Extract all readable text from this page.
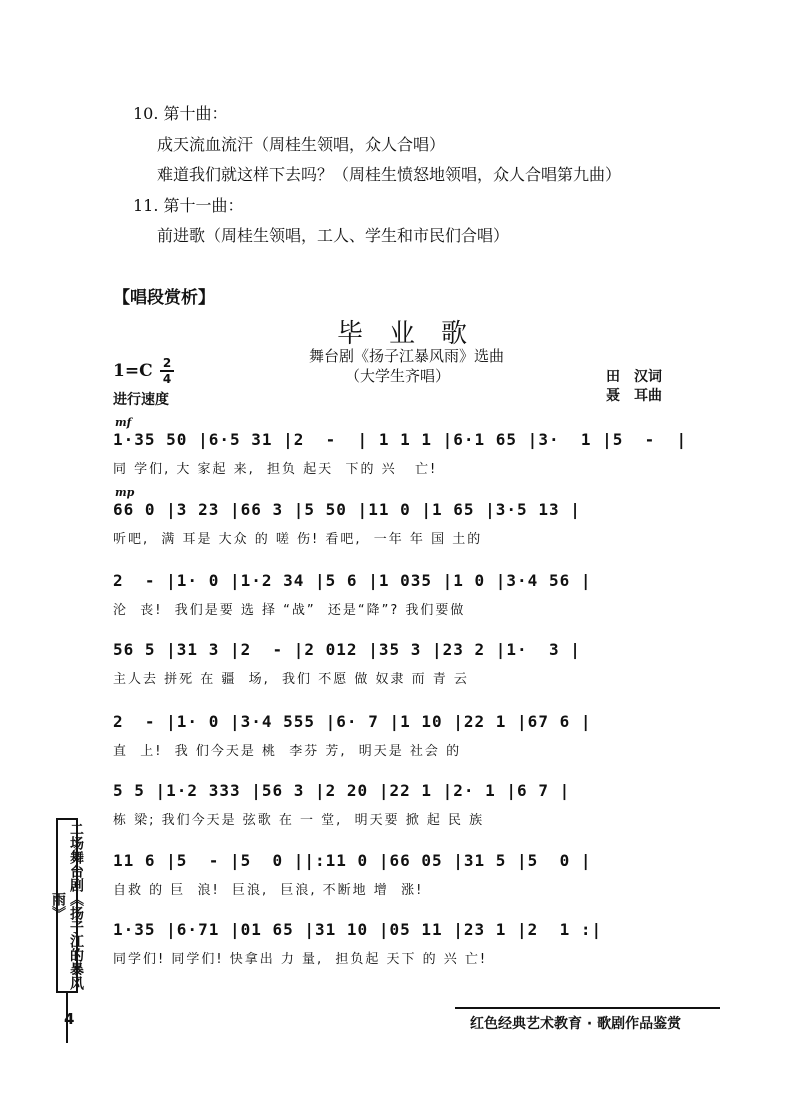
10. 第十曲：
成天流血流汗（周桂生领唱，众人合唱）
难道我们就这样下去吗？（周桂生愤怒地领唱，众人合唱第九曲）
11. 第十一曲：
前进歌（周桂生领唱，工人、学生和市民们合唱）
【唱段赏析】
毕业歌
舞台剧《扬子江暴风雨》选曲
（大学生齐唱）
1=C 2
4
进行速度
田　汉词
聂　耳曲
mf
1·35 50 |6·5 31 |2  -  | 1 1 1 |6·1 65 |3·  1 |5  -  |
同 学们, 大 家起 来,  担负 起天  下的 兴   亡!
mp
66 0 |3 23 |66 3 |5 50 |11 0 |1 65 |3·5 13 |
听吧,  满 耳是 大众 的 嗟 伤! 看吧,  一年 年 国 土的
2  - |1· 0 |1·2 34 |5 6 |1 035 |1 0 |3·4 56 |
沦  丧!  我们是要 选 择 “战”  还是“降”? 我们要做
56 5 |31 3 |2  - |2 012 |35 3 |23 2 |1·  3 |
主人去 拼死 在 疆  场,  我们 不愿 做 奴隶 而 青 云
2  - |1· 0 |3·4 555 |6· 7 |1 10 |22 1 |67 6 |
直  上!  我 们今天是 桃  李芬 芳,  明天是 社会 的
5 5 |1·2 333 |56 3 |2 20 |22 1 |2· 1 |6 7 |
栋 梁; 我们今天是 弦歌 在 一 堂,  明天要 掀 起 民 族
11 6 |5  - |5  0 ||:11 0 |66 05 |31 5 |5  0 |
自救 的 巨  浪!  巨浪,  巨浪, 不断地 增  涨!
1·35 |6·71 |01 65 |31 10 |05 11 |23 1 |2  1 :|
同学们! 同学们! 快拿出 力 量,  担负起 天下 的 兴 亡!
二场舞台剧《扬子江的暴风雨》
4	红色经典艺术教育 · 歌剧作品鉴赏
